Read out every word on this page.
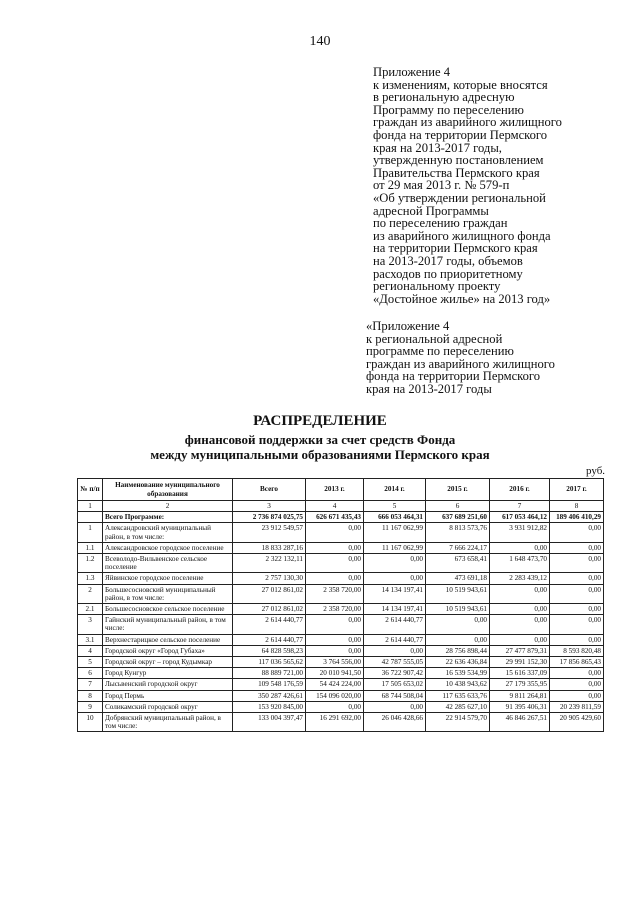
140
Приложение 4
к изменениям, которые вносятся
в региональную адресную
Программу по переселению
граждан из аварийного жилищного
фонда на территории Пермского
края на 2013-2017 годы,
утвержденную постановлением
Правительства Пермского края
от 29 мая 2013 г. № 579-п
«Об утверждении региональной
адресной Программы
по переселению граждан
из аварийного жилищного фонда
на территории Пермского края
на 2013-2017 годы, объемов
расходов по приоритетному
региональному проекту
«Достойное жилье» на 2013 год»
«Приложение 4
к региональной адресной
программе по переселению
граждан из аварийного жилищного
фонда на территории Пермского
края на 2013-2017 годы
РАСПРЕДЕЛЕНИЕ
финансовой поддержки за счет средств Фонда
между муниципальными образованиями Пермского края
руб.
№ п/п	Наименование муниципального образования	Всего	2013 г.	2014 г.	2015 г.	2016 г.	2017 г.
1	2	3	4	5	6	7	8
	Всего Программе:	2 736 874 025,75	626 671 435,43	666 053 464,31	637 689 251,60	617 053 464,12	189 406 410,29
1	Александровский муниципальный район, в том числе:	23 912 549,57	0,00	11 167 062,99	8 813 573,76	3 931 912,82	0,00
1.1	Александровское городское поселение	18 833 287,16	0,00	11 167 062,99	7 666 224,17	0,00	0,00
1.2	Всеволодо-Вильвенское сельское поселение	2 322 132,11	0,00	0,00	673 658,41	1 648 473,70	0,00
1.3	Яйвинское городское поселение	2 757 130,30	0,00	0,00	473 691,18	2 283 439,12	0,00
2	Большесосновский муниципальный район, в том числе:	27 012 861,02	2 358 720,00	14 134 197,41	10 519 943,61	0,00	0,00
2.1	Большесосновское сельское поселение	27 012 861,02	2 358 720,00	14 134 197,41	10 519 943,61	0,00	0,00
3	Гайнский муниципальный район, в том числе:	2 614 440,77	0,00	2 614 440,77	0,00	0,00	0,00
3.1	Верхнестарицкое сельское поселение	2 614 440,77	0,00	2 614 440,77	0,00	0,00	0,00
4	Городской округ «Город Губаха»	64 828 598,23	0,00	0,00	28 756 898,44	27 477 879,31	8 593 820,48
5	Городской округ – город Кудымкар	117 036 565,62	3 764 556,00	42 787 555,05	22 636 436,84	29 991 152,30	17 856 865,43
6	Город Кунгур	88 889 721,00	20 010 941,50	36 722 907,42	16 539 534,99	15 616 337,09	0,00
7	Лысьвенский городской округ	109 548 176,59	54 424 224,00	17 505 653,02	10 438 943,62	27 179 355,95	0,00
8	Город Пермь	350 287 426,61	154 096 020,00	68 744 508,04	117 635 633,76	9 811 264,81	0,00
9	Соликамский городской округ	153 920 845,00	0,00	0,00	42 285 627,10	91 395 406,31	20 239 811,59
10	Добрянский муниципальный район, в том числе:	133 004 397,47	16 291 692,00	26 046 428,66	22 914 579,70	46 846 267,51	20 905 429,60
